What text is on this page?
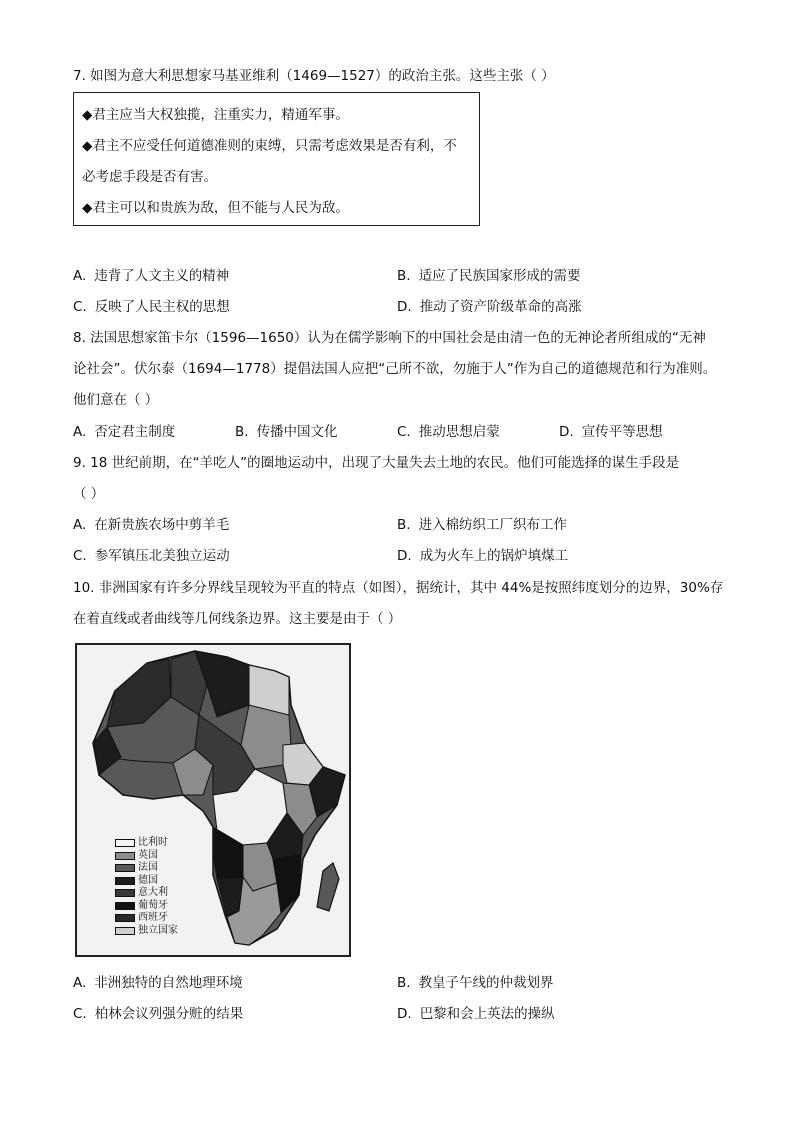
7. 如图为意大利思想家马基亚维利（1469—1527）的政治主张。这些主张（ ）
◆君主应当大权独揽，注重实力，精通军事。
◆君主不应受任何道德准则的束缚，只需考虑效果是否有利，不
必考虑手段是否有害。
◆君主可以和贵族为敌，但不能与人民为敌。
A. 违背了人文主义的精神	B. 适应了民族国家形成的需要
C. 反映了人民主权的思想	D. 推动了资产阶级革命的高涨
8. 法国思想家笛卡尔（1596—1650）认为在儒学影响下的中国社会是由清一色的无神论者所组成的“无神
论社会”。伏尔泰（1694—1778）提倡法国人应把“己所不欲，勿施于人”作为自己的道德规范和行为准则。
他们意在（ ）
A. 否定君主制度	B. 传播中国文化	C. 推动思想启蒙	D. 宣传平等思想
9. 18 世纪前期，在“羊吃人”的圈地运动中，出现了大量失去土地的农民。他们可能选择的谋生手段是
（ ）
A. 在新贵族农场中剪羊毛	B. 进入棉纺织工厂织布工作
C. 参军镇压北美独立运动	D. 成为火车上的锅炉填煤工
10. 非洲国家有许多分界线呈现较为平直的特点（如图），据统计，其中 44%是按照纬度划分的边界，30%存
在着直线或者曲线等几何线条边界。这主要是由于（ ）
比利时
英国
法国
德国
意大利
葡萄牙
西班牙
独立国家
A. 非洲独特的自然地理环境	B. 教皇子午线的仲裁划界
C. 柏林会议列强分赃的结果	D. 巴黎和会上英法的操纵
